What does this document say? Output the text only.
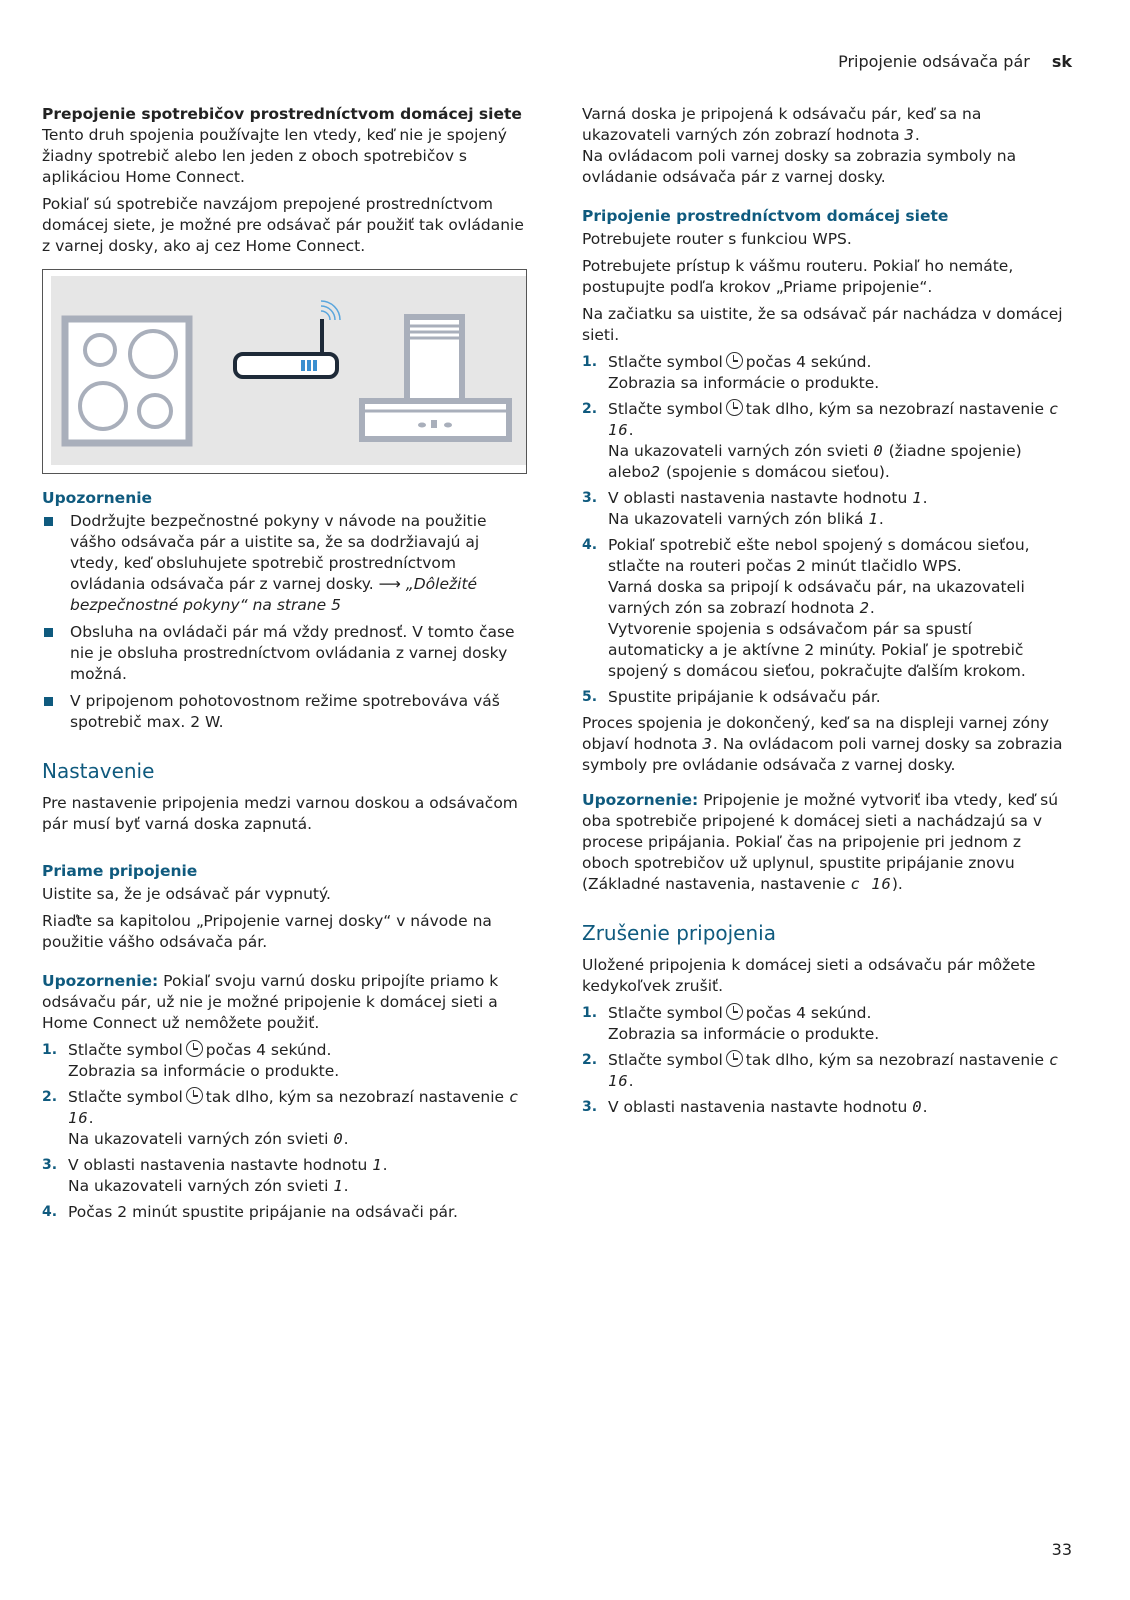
Pripojenie odsávača pár sk
Prepojenie spotrebičov prostredníctvom domácej siete

Tento druh spojenia používajte len vtedy, keď nie je spojený žiadny spotrebič alebo len jeden z oboch spotrebičov s aplikáciou Home Connect.

Pokiaľ sú spotrebiče navzájom prepojené prostredníctvom domácej siete, je možné pre odsávač pár použiť tak ovládanie z varnej dosky, ako aj cez Home Connect.

Upozornenie
Dodržujte bezpečnostné pokyny v návode na použitie vášho odsávača pár a uistite sa, že sa dodržiavajú aj vtedy, keď obsluhujete spotrebič prostredníctvom ovládania odsávača pár z varnej dosky. ⟶ „Dôležité bezpečnostné pokyny“ na strane 5
Obsluha na ovládači pár má vždy prednosť. V tomto čase nie je obsluha prostredníctvom ovládania z varnej dosky možná.
V pripojenom pohotovostnom režime spotrebováva váš spotrebič max. 2 W.
Nastavenie

Pre nastavenie pripojenia medzi varnou doskou a odsávačom pár musí byť varná doska zapnutá.

Priame pripojenie

Uistite sa, že je odsávač pár vypnutý.

Riaďte sa kapitolou „Pripojenie varnej dosky“ v návode na použitie vášho odsávača pár.

Upozornenie: Pokiaľ svoju varnú dosku pripojíte priamo k odsávaču pár, už nie je možné pripojenie k domácej sieti a Home Connect už nemôžete použiť.

1. Stlačte symbol počas 4 sekúnd.
Zobrazia sa informácie o produkte.
2. Stlačte symbol tak dlho, kým sa nezobrazí nastavenie c 16.
Na ukazovateli varných zón svieti 0.
3. V oblasti nastavenia nastavte hodnotu 1.
Na ukazovateli varných zón svieti 1.
4. Počas 2 minút spustite pripájanie na odsávači pár.

Varná doska je pripojená k odsávaču pár, keď sa na ukazovateli varných zón zobrazí hodnota 3.
Na ovládacom poli varnej dosky sa zobrazia symboly na ovládanie odsávača pár z varnej dosky.

Pripojenie prostredníctvom domácej siete

Potrebujete router s funkciou WPS.

Potrebujete prístup k vášmu routeru. Pokiaľ ho nemáte, postupujte podľa krokov „Priame pripojenie“.

Na začiatku sa uistite, že sa odsávač pár nachádza v domácej sieti.

1. Stlačte symbol počas 4 sekúnd.
Zobrazia sa informácie o produkte.
2. Stlačte symbol tak dlho, kým sa nezobrazí nastavenie c 16.
Na ukazovateli varných zón svieti 0 (žiadne spojenie) alebo2 (spojenie s domácou sieťou).
3. V oblasti nastavenia nastavte hodnotu 1.
Na ukazovateli varných zón bliká 1.
4. Pokiaľ spotrebič ešte nebol spojený s domácou sieťou, stlačte na routeri počas 2 minút tlačidlo WPS.
Varná doska sa pripojí k odsávaču pár, na ukazovateli varných zón sa zobrazí hodnota 2.
Vytvorenie spojenia s odsávačom pár sa spustí automaticky a je aktívne 2 minúty. Pokiaľ je spotrebič spojený s domácou sieťou, pokračujte ďalším krokom.
5. Spustite pripájanie k odsávaču pár.

Proces spojenia je dokončený, keď sa na displeji varnej zóny objaví hodnota 3. Na ovládacom poli varnej dosky sa zobrazia symboly pre ovládanie odsávača z varnej dosky.

Upozornenie: Pripojenie je možné vytvoriť iba vtedy, keď sú oba spotrebiče pripojené k domácej sieti a nachádzajú sa v procese pripájania. Pokiaľ čas na pripojenie pri jednom z oboch spotrebičov už uplynul, spustite pripájanie znovu (Základné nastavenia, nastavenie c 16).

Zrušenie pripojenia

Uložené pripojenia k domácej sieti a odsávaču pár môžete kedykoľvek zrušiť.

1. Stlačte symbol počas 4 sekúnd.
Zobrazia sa informácie o produkte.
2. Stlačte symbol tak dlho, kým sa nezobrazí nastavenie c 16.
3. V oblasti nastavenia nastavte hodnotu 0.
33
